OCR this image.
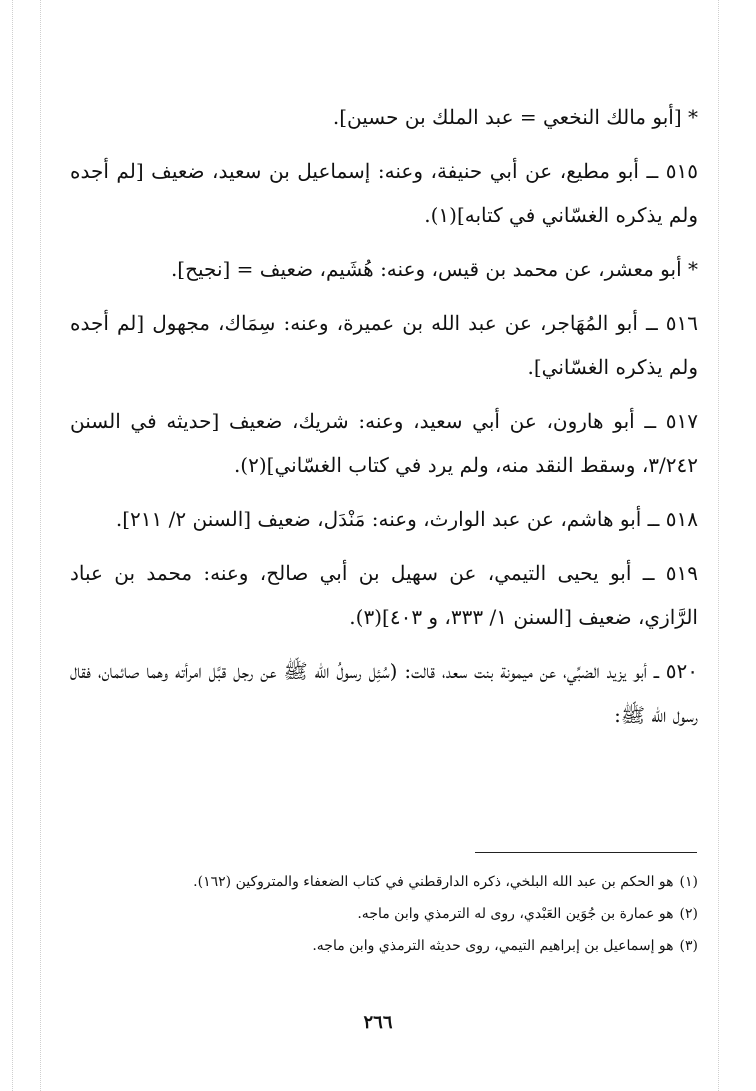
* [أبو مالك النخعي = عبد الملك بن حسين].

٥١٥ ــ أبو مطيع، عن أبي حنيفة، وعنه: إسماعيل بن سعيد، ضعيف [لم أجده ولم يذكره الغسّاني في كتابه](١).

* أبو معشر، عن محمد بن قيس، وعنه: هُشَيم، ضعيف = [نجيح].

٥١٦ ــ أبو المُهَاجر، عن عبد الله بن عميرة، وعنه: سِمَاك، مجهول [لم أجده ولم يذكره الغسّاني].

٥١٧ ــ أبو هارون، عن أبي سعيد، وعنه: شريك، ضعيف [حديثه في السنن ٣/٢٤٢، وسقط النقد منه، ولم يرد في كتاب الغسّاني](٢).

٥١٨ ــ أبو هاشم، عن عبد الوارث، وعنه: مَنْدَل، ضعيف [السنن ٢/ ٢١١].

٥١٩ ــ أبو يحيى التيمي، عن سهيل بن أبي صالح، وعنه: محمد بن عباد الرَّازي، ضعيف [السنن ١/ ٣٣٣، و ٤٠٣](٣).

٥٢٠ ــ أبو يزيد الضبِّي، عن ميمونة بنت سعد، قالت: (سُئِل رسولُ الله ﷺ عن رجل قبَّل امرأته وهما صائمان، فقال رسول الله ﷺ:

(١)هو الحكم بن عبد الله البلخي، ذكره الدارقطني في كتاب الضعفاء والمتروكين (١٦٢).

(٢)هو عمارة بن جُوَين العَبْدي، روى له الترمذي وابن ماجه.

(٣)هو إسماعيل بن إبراهيم التيمي، روى حديثه الترمذي وابن ماجه.

٢٦٦
